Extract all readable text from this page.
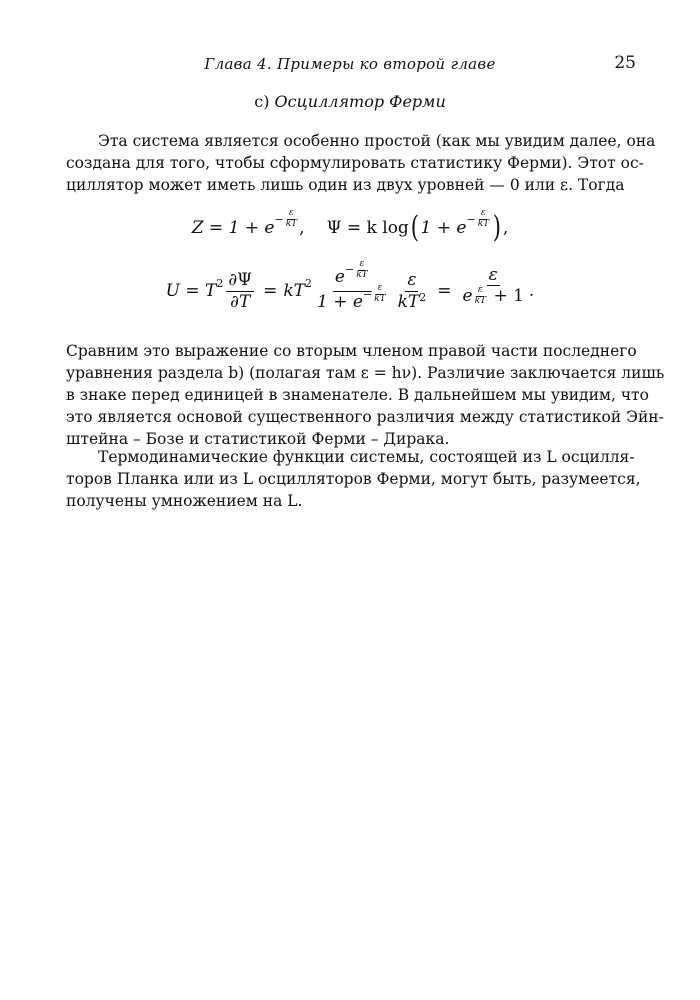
Глава 4. Примеры ко второй главе	25
c) Осциллятор Ферми
Эта система является особенно простой (как мы увидим далее, она
создана для того, чтобы сформулировать статистику Ферми). Этот ос-
циллятор может иметь лишь один из двух уровней — 0 или ε. Тогда
$Z = 1 + e - \frac{\varepsilon}{kT}$ , Ψ = k log ( $1 + e - \frac{\varepsilon}{kT}$ ) ,
U = T $2 \frac{\partial\Psi}{\partial T}$ = kT $2 \frac{e - \frac{\varepsilon}{kT}}{1 + e - \frac{\varepsilon}{kT}} \frac{\varepsilon}{kT2} = \frac{\varepsilon}{e \frac{\varepsilon}{kT} + 1}$ .
Сравним это выражение со вторым членом правой части последнего
уравнения раздела b) (полагая там ε = hν). Различие заключается лишь
в знаке перед единицей в знаменателе. В дальнейшем мы увидим, что
это является основой существенного различия между статистикой Эйн-
штейна – Бозе и статистикой Ферми – Дирака.
Термодинамические функции системы, состоящей из L осцилля-
торов Планка или из L осцилляторов Ферми, могут быть, разумеется,
получены умножением на L.
